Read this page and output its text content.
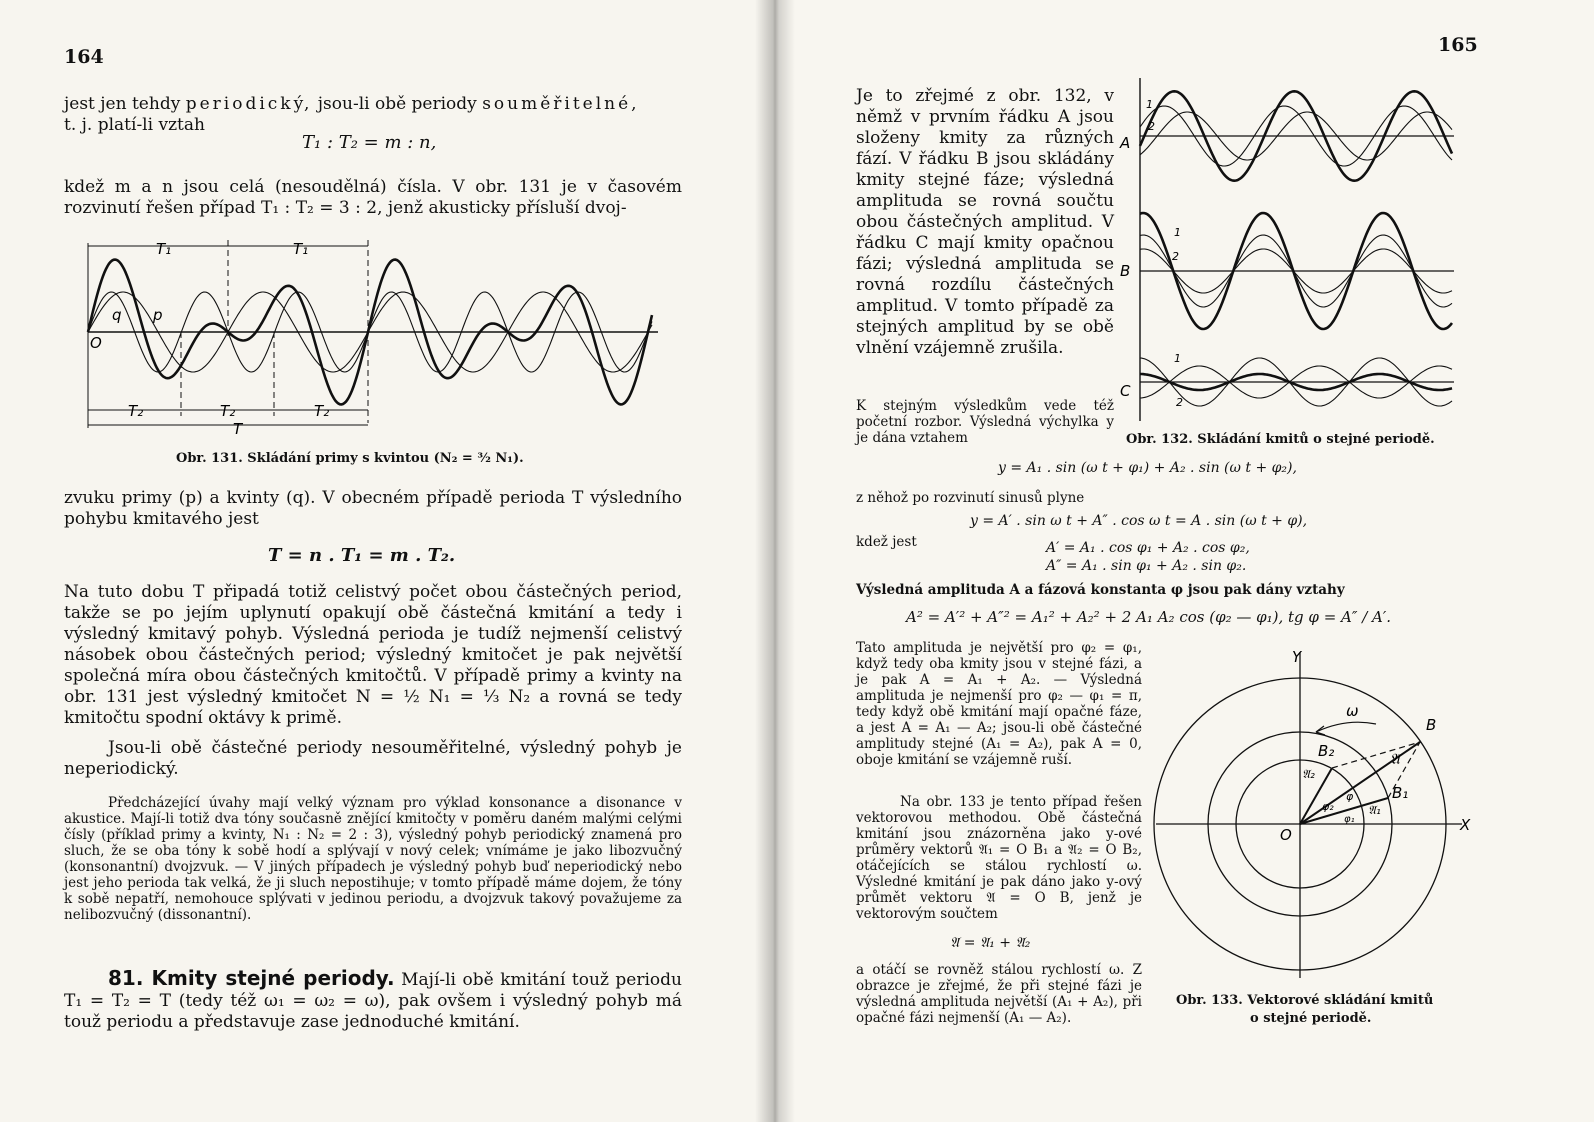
164

jest jen tehdy periodický, jsou-li obě periody souměřitelné,

t. j. platí-li vztah

T₁ : T₂ = m : n,
kdež m a n jsou celá (nesoudělná) čísla. V obr. 131 je v časovém rozvinutí řešen případ T₁ : T₂ = 3 : 2, jenž akusticky přísluší dvoj-
T₁	T₁
T₂	T₂	T₂
T
q p
O
Obr. 131. Skládání primy s kvintou (N₂ = ³⁄₂ N₁).
zvuku primy (p) a kvinty (q). V obecném případě perioda T výsledního pohybu kmitavého jest
T = n . T₁ = m . T₂.
Na tuto dobu T připadá totiž celistvý počet obou částečných period, takže se po jejím uplynutí opakují obě částečná kmitání a tedy i výsledný kmitavý pohyb. Výsledná perioda je tudíž nejmenší celistvý násobek obou částečných period; výsledný kmitočet je pak největší společná míra obou částečných kmitočtů. V případě primy a kvinty na obr. 131 jest výsledný kmitočet N = ½ N₁ = ⅓ N₂ a rovná se tedy kmitočtu spodní oktávy k primě.
Jsou-li obě částečné periody nesouměřitelné, výsledný pohyb je neperiodický.
Předcházející úvahy mají velký význam pro výklad konsonance a disonance v akustice. Mají-li totiž dva tóny současně znějící kmitočty v poměru daném malými celými čísly (příklad primy a kvinty, N₁ : N₂ = 2 : 3), výsledný pohyb periodický znamená pro sluch, že se oba tóny k sobě hodí a splývají v nový celek; vnímáme je jako libozvučný (konsonantní) dvojzvuk. — V jiných případech je výsledný pohyb buď neperiodický nebo jest jeho perioda tak velká, že ji sluch nepostihuje; v tomto případě máme dojem, že tóny k sobě nepatří, nemohouce splývati v jedinou periodu, a dvojzvuk takový považujeme za nelibozvučný (dissonantní).
81. Kmity stejné periody. Mají-li obě kmitání touž periodu T₁ = T₂ = T (tedy též ω₁ = ω₂ = ω), pak ovšem i výsledný pohyb má touž periodu a představuje zase jednoduché kmitání.
165
Je to zřejmé z obr. 132, v němž v prvním řádku A jsou složeny kmity za různých fází. V řádku B jsou skládány kmity stejné fáze; výsledná amplituda se rovná součtu obou částečných amplitud. V řádku C mají kmity opačnou fázi; výsledná amplituda se rovná rozdílu částečných amplitud. V tomto případě za stejných amplitud by se obě vlnění vzájemně zrušila.
K stejným výsledkům vede též početní rozbor. Výsledná výchylka y je dána vztahem
A
B
C
1
2
1
2
1
2
Obr. 132. Skládání kmitů o stejné periodě.
y = A₁ . sin (ω t + φ₁) + A₂ . sin (ω t + φ₂),
z něhož po rozvinutí sinusů plyne
y = A′ . sin ω t + A″ . cos ω t = A . sin (ω t + φ),
kdež jest	A′ = A₁ . cos φ₁ + A₂ . cos φ₂,
A″ = A₁ . sin φ₁ + A₂ . sin φ₂.
Výsledná amplituda A a fázová konstanta φ jsou pak dány vztahy
A² = A′² + A″² = A₁² + A₂² + 2 A₁ A₂ cos (φ₂ — φ₁), tg φ = A″ / A′.
Tato amplituda je největší pro φ₂ = φ₁, když tedy oba kmity jsou v stejné fázi, a je pak A = A₁ + A₂. — Výsledná amplituda je nejmenší pro φ₂ — φ₁ = π, tedy když obě kmitání mají opačné fáze, a jest A = A₁ — A₂; jsou-li obě částečné amplitudy stejné (A₁ = A₂), pak A = 0, oboje kmitání se vzájemně ruší.
Na obr. 133 je tento případ řešen vektorovou methodou. Obě částečná kmitání jsou znázorněna jako y-ové průměry vektorů 𝔄₁ = O B₁ a 𝔄₂ = O B₂, otáčejících se stálou rychlostí ω. Výsledné kmitání je pak dáno jako y-ový průmět vektoru 𝔄 = O B, jenž je vektorovým součtem
𝔄 = 𝔄₁ + 𝔄₂
a otáčí se rovněž stálou rychlostí ω. Z obrazce je zřejmé, že při stejné fázi je výsledná amplituda největší (A₁ + A₂), při opačné fázi nejmenší (A₁ — A₂).
Y
X
O
B
B₁
B₂	𝔄
𝔄₁
𝔄₂
ω
φ
φ₂
φ₁
Obr. 133. Vektorové skládání kmitů
o stejné periodě.
